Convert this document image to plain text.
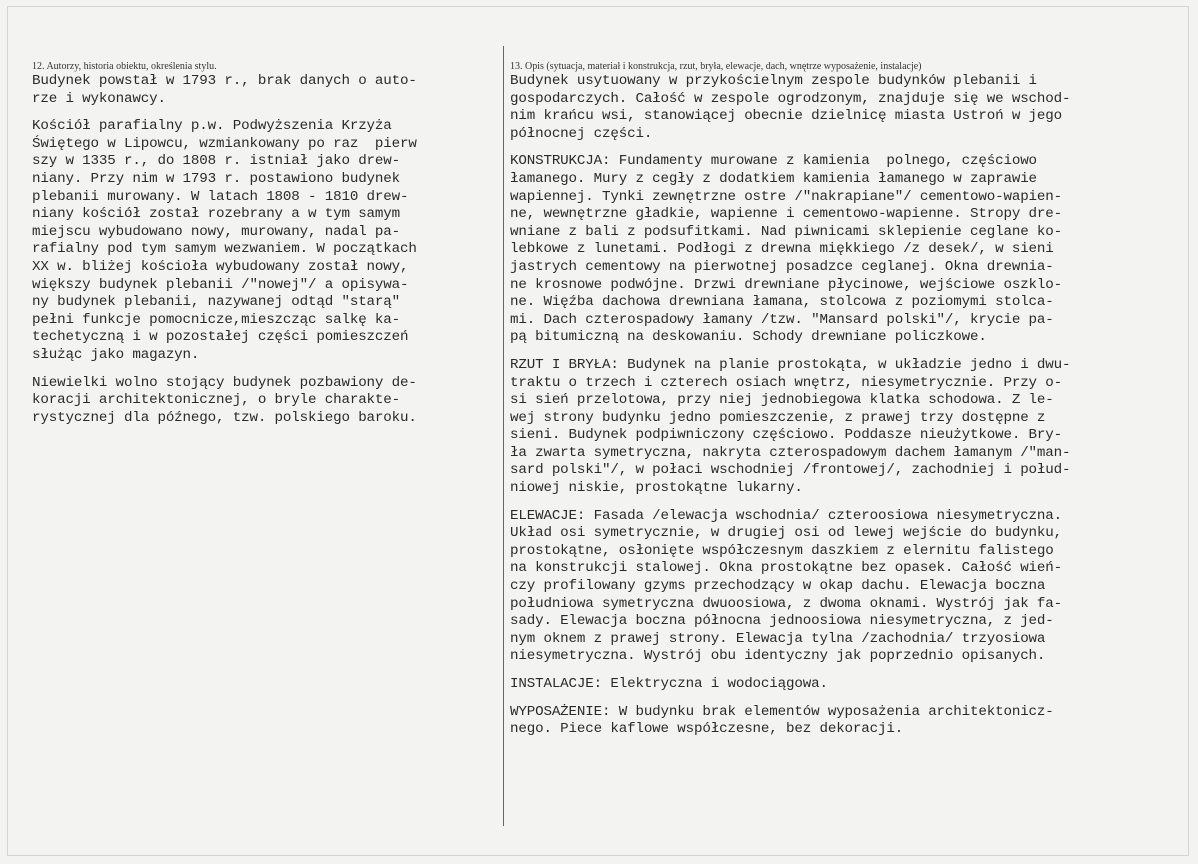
12. Autorzy, historia obiektu, określenia stylu.
Budynek powstał w 1793 r., brak danych o auto-
rze i wykonawcy.
Kościół parafialny p.w. Podwyższenia Krzyża
Świętego w Lipowcu, wzmiankowany po raz  pierw
szy w 1335 r., do 1808 r. istniał jako drew-
niany. Przy nim w 1793 r. postawiono budynek
plebanii murowany. W latach 1808 - 1810 drew-
niany kościół został rozebrany a w tym samym
miejscu wybudowano nowy, murowany, nadal pa-
rafialny pod tym samym wezwaniem. W początkach
XX w. bliżej kościoła wybudowany został nowy,
większy budynek plebanii /"nowej"/ a opisywa-
ny budynek plebanii, nazywanej odtąd "starą"
pełni funkcje pomocnicze,mieszcząc salkę ka-
techetyczną i w pozostałej części pomieszczeń
służąc jako magazyn.
Niewielki wolno stojący budynek pozbawiony de-
koracji architektonicznej, o bryle charakte-
rystycznej dla późnego, tzw. polskiego baroku.
13. Opis (sytuacja, materiał i konstrukcja, rzut, bryła, elewacje, dach, wnętrze wyposażenie, instalacje)
Budynek usytuowany w przykościelnym zespole budynków plebanii i
gospodarczych. Całość w zespole ogrodzonym, znajduje się we wschod-
nim krańcu wsi, stanowiącej obecnie dzielnicę miasta Ustroń w jego
północnej części.
KONSTRUKCJA: Fundamenty murowane z kamienia  polnego, częściowo
łamanego. Mury z cegły z dodatkiem kamienia łamanego w zaprawie
wapiennej. Tynki zewnętrzne ostre /"nakrapiane"/ cementowo-wapien-
ne, wewnętrzne gładkie, wapienne i cementowo-wapienne. Stropy dre-
wniane z bali z podsufitkami. Nad piwnicami sklepienie ceglane ko-
lebkowe z lunetami. Podłogi z drewna miękkiego /z desek/, w sieni
jastrych cementowy na pierwotnej posadzce ceglanej. Okna drewnia-
ne krosnowe podwójne. Drzwi drewniane płycinowe, wejściowe oszklo-
ne. Więźba dachowa drewniana łamana, stolcowa z poziomymi stolca-
mi. Dach czterospadowy łamany /tzw. "Mansard polski"/, krycie pa-
pą bitumiczną na deskowaniu. Schody drewniane policzkowe.
RZUT I BRYŁA: Budynek na planie prostokąta, w układzie jedno i dwu-
traktu o trzech i czterech osiach wnętrz, niesymetrycznie. Przy o-
si sień przelotowa, przy niej jednobiegowa klatka schodowa. Z le-
wej strony budynku jedno pomieszczenie, z prawej trzy dostępne z
sieni. Budynek podpiwniczony częściowo. Poddasze nieużytkowe. Bry-
ła zwarta symetryczna, nakryta czterospadowym dachem łamanym /"man-
sard polski"/, w połaci wschodniej /frontowej/, zachodniej i połud-
niowej niskie, prostokątne lukarny.
ELEWACJE: Fasada /elewacja wschodnia/ czteroosiowa niesymetryczna.
Układ osi symetrycznie, w drugiej osi od lewej wejście do budynku,
prostokątne, osłonięte współczesnym daszkiem z elernitu falistego
na konstrukcji stalowej. Okna prostokątne bez opasek. Całość wień-
czy profilowany gzyms przechodzący w okap dachu. Elewacja boczna
południowa symetryczna dwuoosiowa, z dwoma oknami. Wystrój jak fa-
sady. Elewacja boczna północna jednoosiowa niesymetryczna, z jed-
nym oknem z prawej strony. Elewacja tylna /zachodnia/ trzyosiowa
niesymetryczna. Wystrój obu identyczny jak poprzednio opisanych.
INSTALACJE: Elektryczna i wodociągowa.
WYPOSAŻENIE: W budynku brak elementów wyposażenia architektonicz-
nego. Piece kaflowe współczesne, bez dekoracji.
